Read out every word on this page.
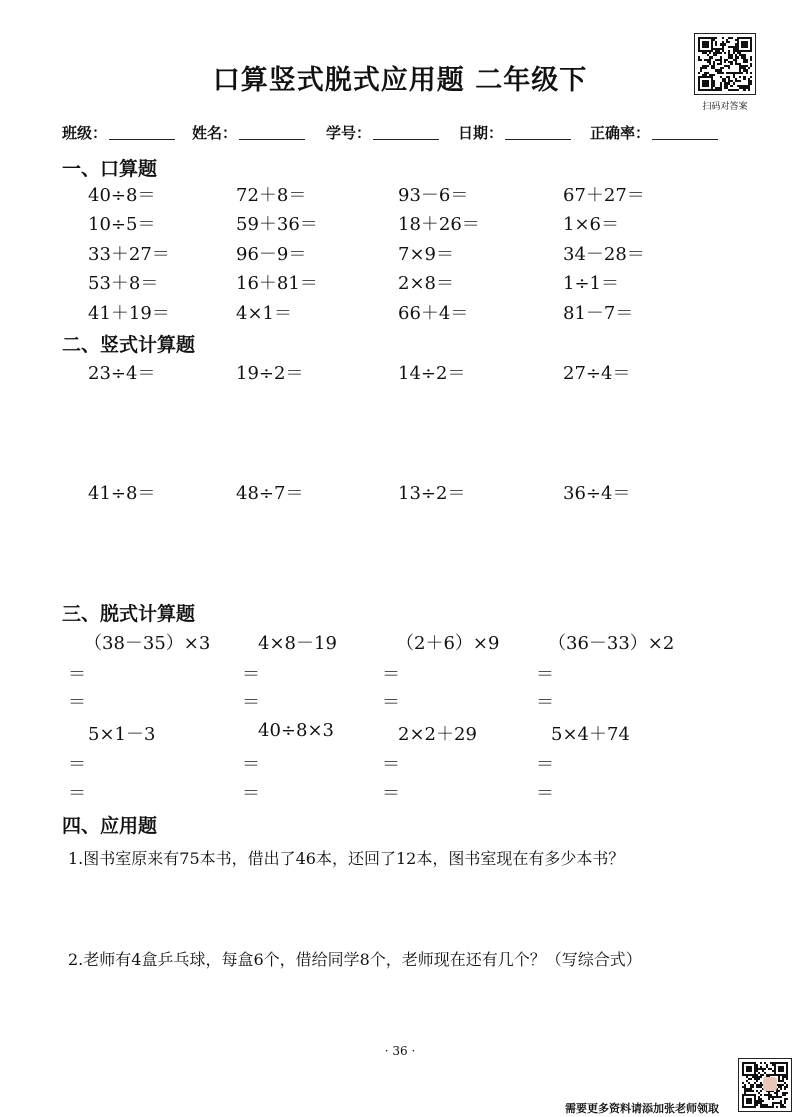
口算竖式脱式应用题 二年级下
扫码对答案
班级：	姓名：	学号：	日期：	正确率：
一、口算题
40÷8＝	72＋8＝	93－6＝	67＋27＝
10÷5＝	59＋36＝	18＋26＝	1×6＝
33＋27＝	96－9＝	7×9＝	34－28＝
53＋8＝	16＋81＝	2×8＝	1÷1＝
41＋19＝	4×1＝	66＋4＝	81－7＝
二、竖式计算题
23÷4＝	19÷2＝	14÷2＝	27÷4＝
41÷8＝	48÷7＝	13÷2＝	36÷4＝
三、脱式计算题
（38－35）×3	4×8－19	（2＋6）×9	（36－33）×2
＝	＝	＝	＝
＝	＝	＝	＝
5×1－3	40÷8×3	2×2＋29	5×4＋74
＝	＝	＝	＝
＝	＝	＝	＝
四、应用题
1.图书室原来有75本书，借出了46本，还回了12本，图书室现在有多少本书？
2.老师有4盒乒乓球，每盒6个，借给同学8个，老师现在还有几个？（写综合式）
· 36 ·
需要更多资料请添加张老师领取
